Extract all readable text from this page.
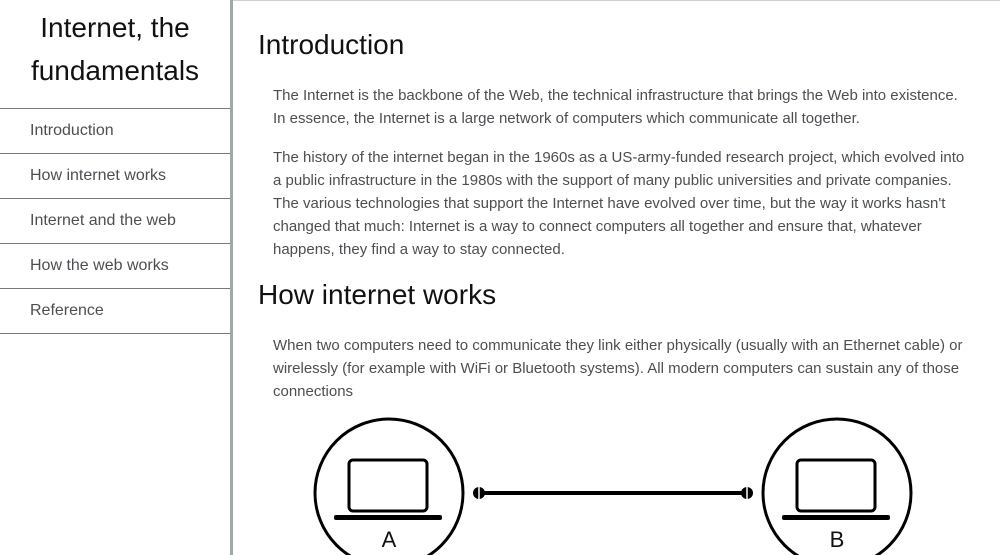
Internet, the fundamentals
Introduction
How internet works
Internet and the web
How the web works
Reference
Introduction

The Internet is the backbone of the Web, the technical infrastructure that brings the Web into existence. In essence, the Internet is a large network of computers which communicate all together.

The history of the internet began in the 1960s as a US-army-funded research project, which evolved into a public infrastructure in the 1980s with the support of many public universities and private companies. The various technologies that support the Internet have evolved over time, but the way it works hasn't changed that much: Internet is a way to connect computers all together and ensure that, whatever happens, they find a way to stay connected.

How internet works

When two computers need to communicate they link either physically (usually with an Ethernet cable) or wirelessly (for example with WiFi or Bluetooth systems). All modern computers can sustain any of those connections

A	B
